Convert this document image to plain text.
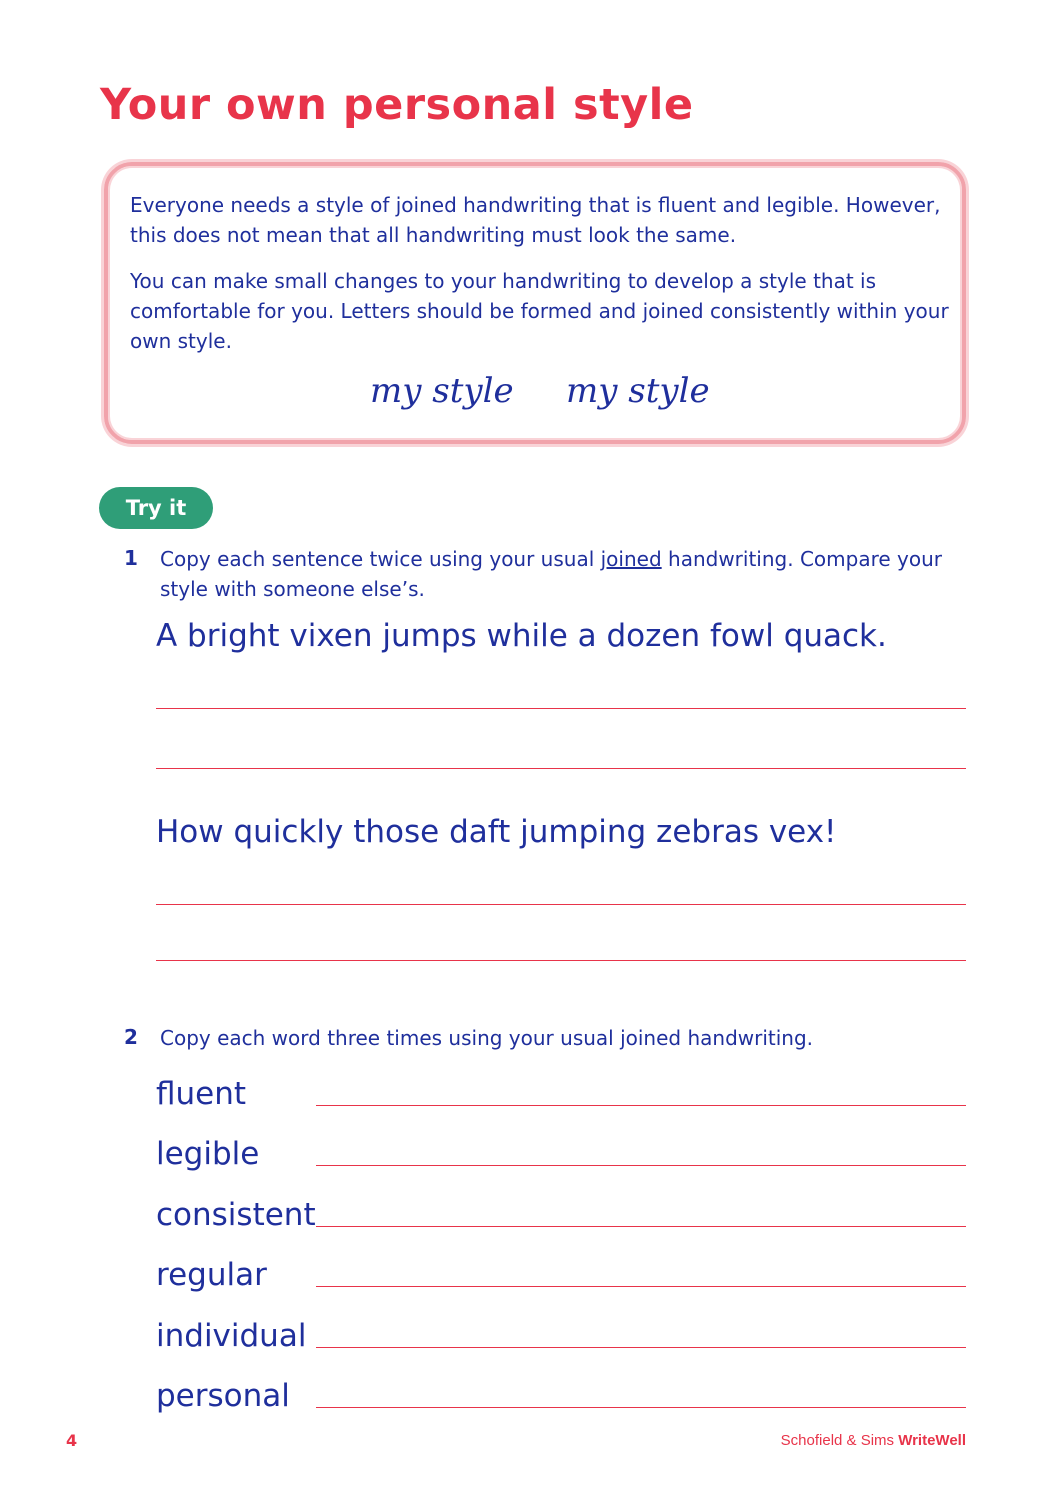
Your own personal style

Everyone needs a style of joined handwriting that is fluent and legible. However, this does not mean that all handwriting must look the same.

You can make small changes to your handwriting to develop a style that is comfortable for you. Letters should be formed and joined consistently within your own style.

my style my style
Try it
1 Copy each sentence twice using your usual joined handwriting. Compare your style with someone else’s.

A bright vixen jumps while a dozen fowl quack.

How quickly those daft jumping zebras vex!

2 Copy each word three times using your usual joined handwriting.

fluent

legible

consistent

regular

individual

personal

4	Schofield & Sims WriteWell
